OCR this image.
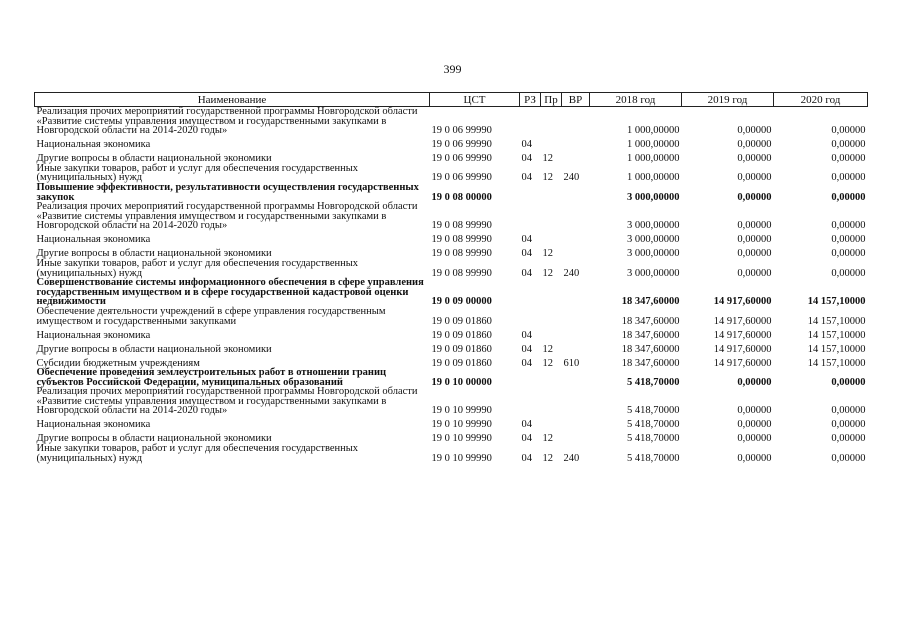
399
Наименование	ЦСТ	РЗ	Пр	ВР	2018 год	2019 год	2020 год
Реализация прочих мероприятий государственной программы Новгородской области «Развитие системы управления имуществом и государственными закупками в Новгородской области на 2014-2020 годы»	19 0 06 99990				1 000,00000	0,00000	0,00000
Национальная экономика	19 0 06 99990	04			1 000,00000	0,00000	0,00000
Другие вопросы в области национальной экономики	19 0 06 99990	04	12		1 000,00000	0,00000	0,00000
Иные закупки товаров, работ и услуг для обеспечения государственных (муниципальных) нужд	19 0 06 99990	04	12	240	1 000,00000	0,00000	0,00000
Повышение эффективности, результативности осуществления государственных закупок	19 0 08 00000				3 000,00000	0,00000	0,00000
Реализация прочих мероприятий государственной программы Новгородской области «Развитие системы управления имуществом и государственными закупками в Новгородской области на 2014-2020 годы»	19 0 08 99990				3 000,00000	0,00000	0,00000
Национальная экономика	19 0 08 99990	04			3 000,00000	0,00000	0,00000
Другие вопросы в области национальной экономики	19 0 08 99990	04	12		3 000,00000	0,00000	0,00000
Иные закупки товаров, работ и услуг для обеспечения государственных (муниципальных) нужд	19 0 08 99990	04	12	240	3 000,00000	0,00000	0,00000
Совершенствование системы информационного обеспечения в сфере управления государственным имуществом и в сфере государственной кадастровой оценки недвижимости	19 0 09 00000				18 347,60000	14 917,60000	14 157,10000
Обеспечение деятельности учреждений в сфере управления государственным имуществом и государственными закупками	19 0 09 01860				18 347,60000	14 917,60000	14 157,10000
Национальная экономика	19 0 09 01860	04			18 347,60000	14 917,60000	14 157,10000
Другие вопросы в области национальной экономики	19 0 09 01860	04	12		18 347,60000	14 917,60000	14 157,10000
Субсидии бюджетным учреждениям	19 0 09 01860	04	12	610	18 347,60000	14 917,60000	14 157,10000
Обеспечение проведения землеустроительных работ в отношении границ субъектов Российской Федерации, муниципальных образований	19 0 10 00000				5 418,70000	0,00000	0,00000
Реализация прочих мероприятий государственной программы Новгородской области «Развитие системы управления имуществом и государственными закупками в Новгородской области на 2014-2020 годы»	19 0 10 99990				5 418,70000	0,00000	0,00000
Национальная экономика	19 0 10 99990	04			5 418,70000	0,00000	0,00000
Другие вопросы в области национальной экономики	19 0 10 99990	04	12		5 418,70000	0,00000	0,00000
Иные закупки товаров, работ и услуг для обеспечения государственных (муниципальных) нужд	19 0 10 99990	04	12	240	5 418,70000	0,00000	0,00000
